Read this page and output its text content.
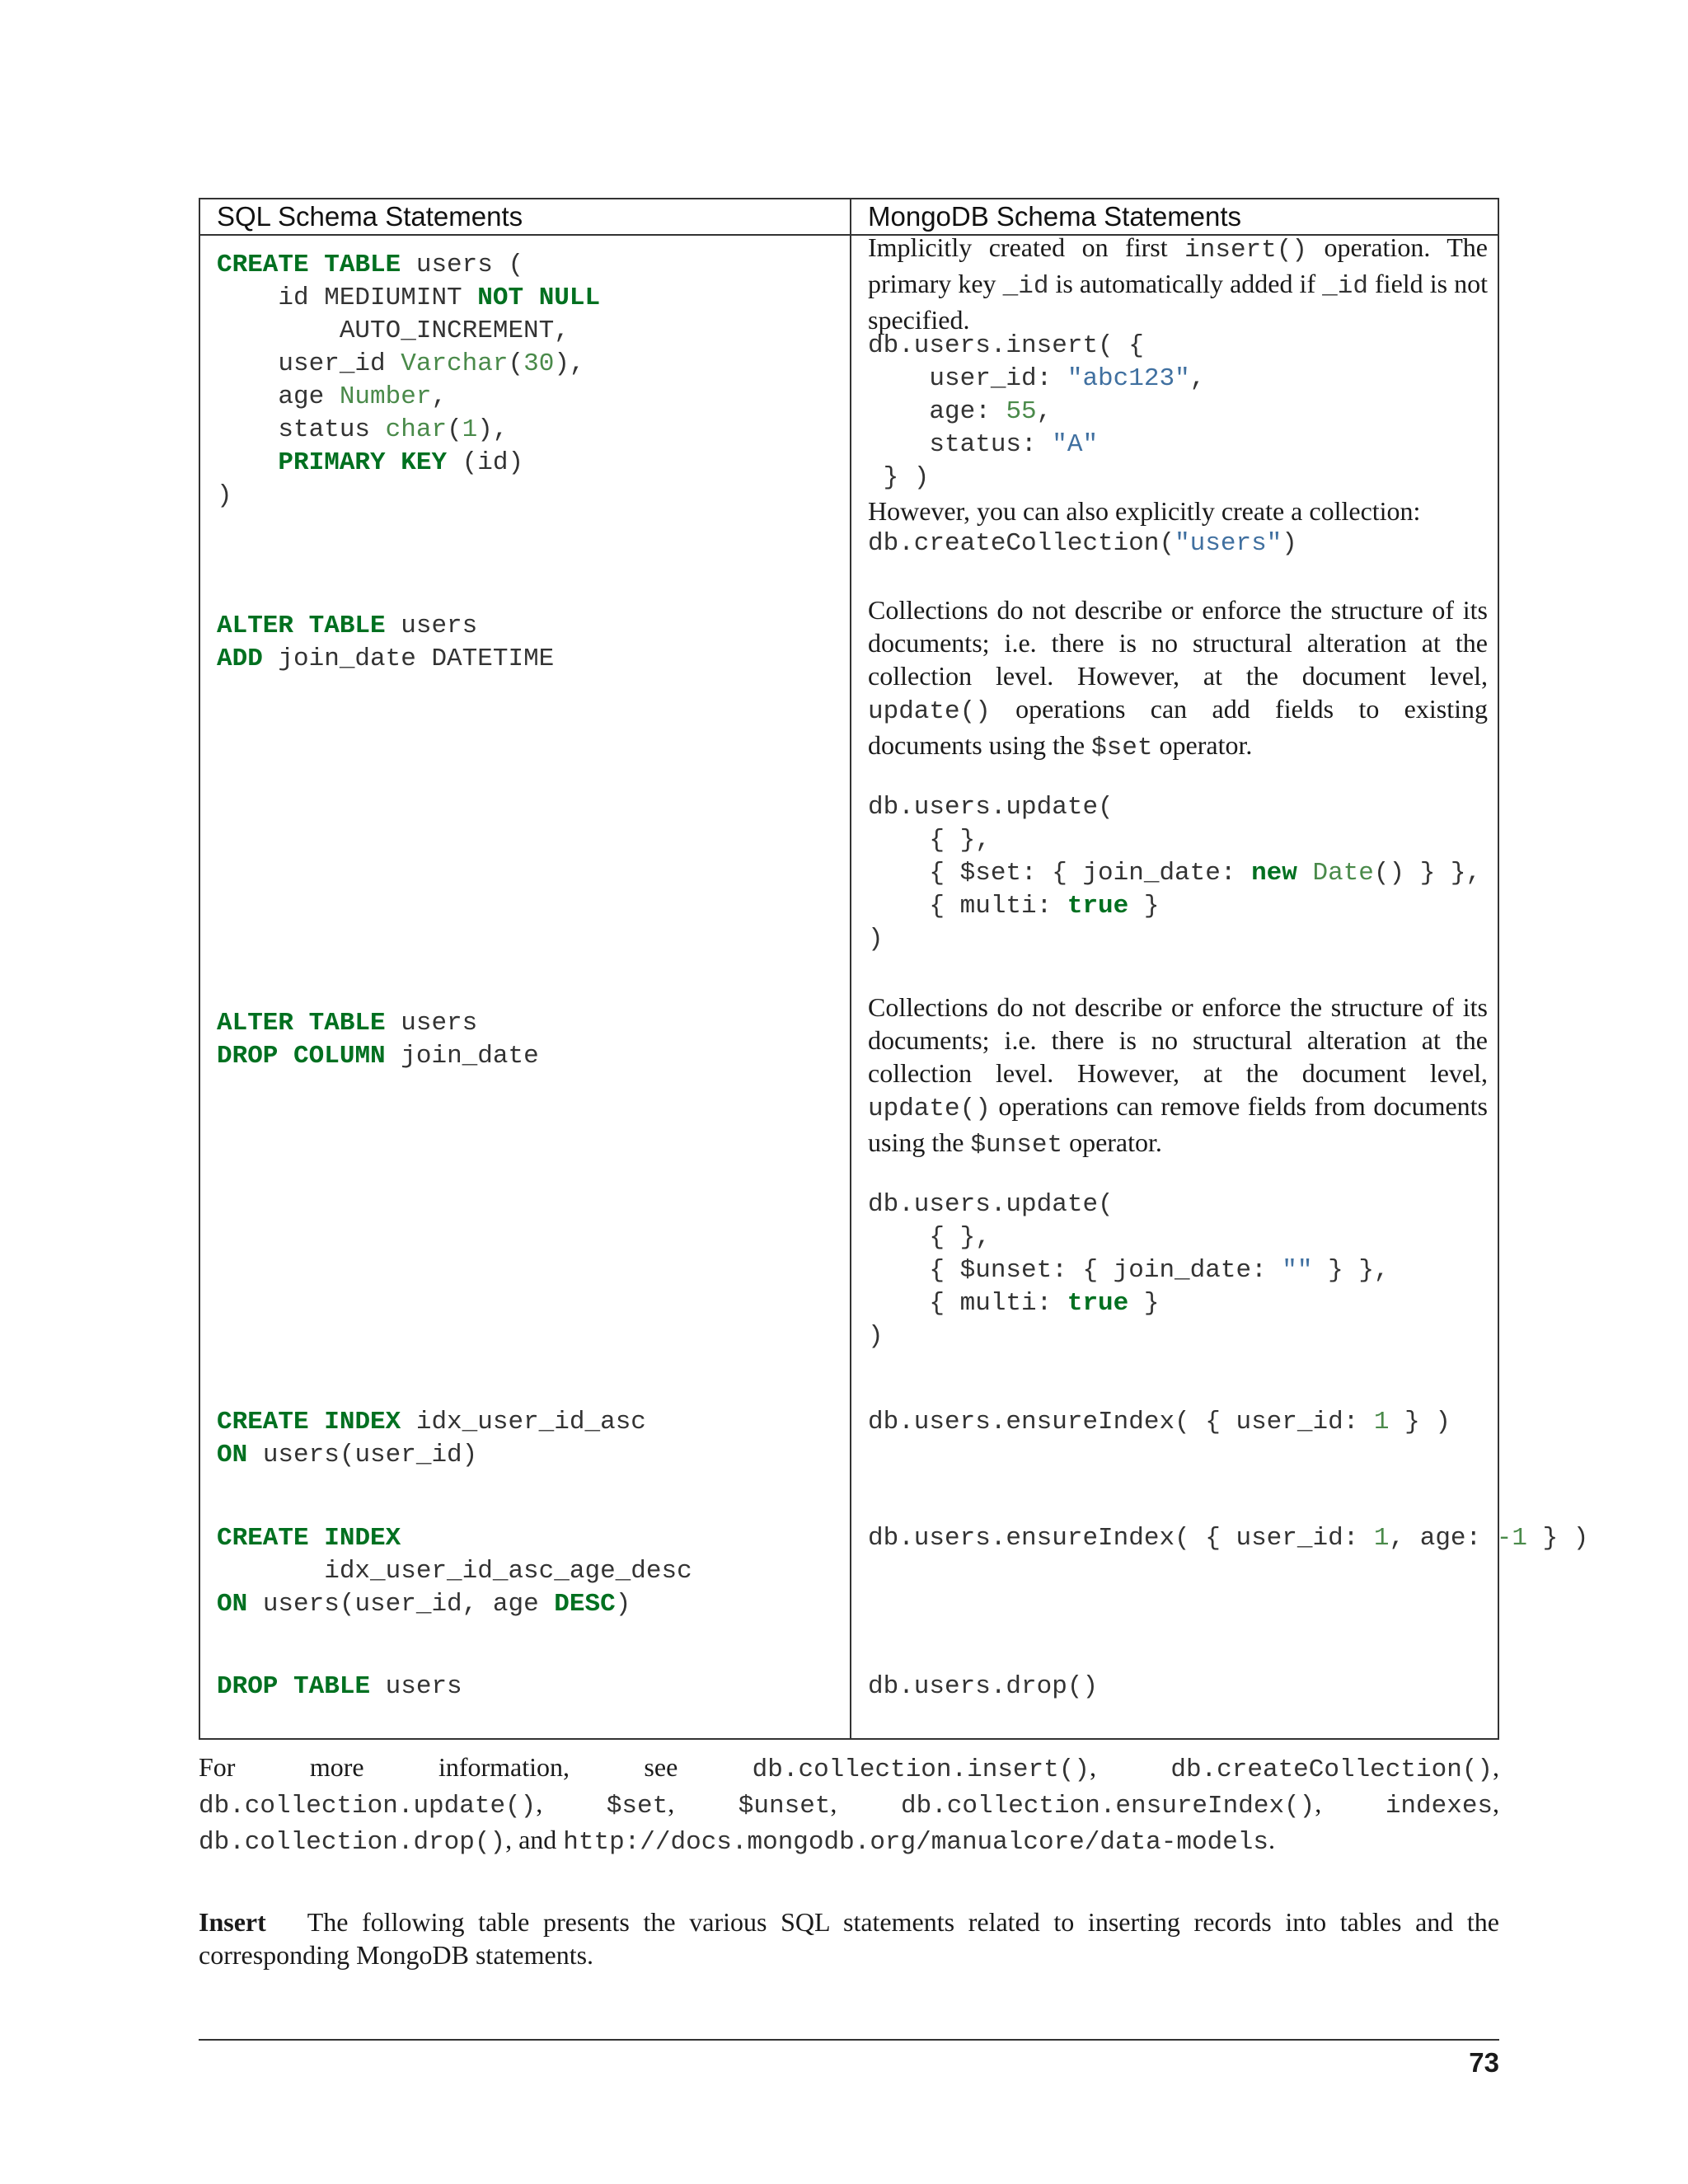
SQL Schema Statements	MongoDB Schema Statements
CREATE TABLE users (
id MEDIUMINT NOT NULL
AUTO_INCREMENT,
user_id Varchar(30),
age Number,
status char(1),
PRIMARY KEY (id)
)
Implicitly created on first insert() operation. The primary key _id is automatically added if _id field is not specified.
db.users.insert( {
user_id: "abc123",
age: 55,
status: "A"
} )
However, you can also explicitly create a collection:
db.createCollection("users")
ALTER TABLE users
ADD join_date DATETIME
Collections do not describe or enforce the structure of its documents; i.e. there is no structural alteration at the collection level. However, at the document level, update() operations can add fields to existing documents using the $set operator.
db.users.update(
{ },
{ $set: { join_date: new Date() } },
{ multi: true }
)
ALTER TABLE users
DROP COLUMN join_date
Collections do not describe or enforce the structure of its documents; i.e. there is no structural alteration at the collection level. However, at the document level, update() operations can remove fields from documents using the $unset operator.
db.users.update(
{ },
{ $unset: { join_date: "" } },
{ multi: true }
)
CREATE INDEX idx_user_id_asc
ON users(user_id)
db.users.ensureIndex( { user_id: 1 } )
CREATE INDEX
idx_user_id_asc_age_desc
ON users(user_id, age DESC)
db.users.ensureIndex( { user_id: 1, age: -1 } )
DROP TABLE users	db.users.drop()
For more information, see db.collection.insert(), db.createCollection(), db.collection.update(), $set, $unset, db.collection.ensureIndex(), indexes, db.collection.drop(), and http://docs.mongodb.org/manualcore/data-models.
Insert The following table presents the various SQL statements related to inserting records into tables and the corresponding MongoDB statements.
73
